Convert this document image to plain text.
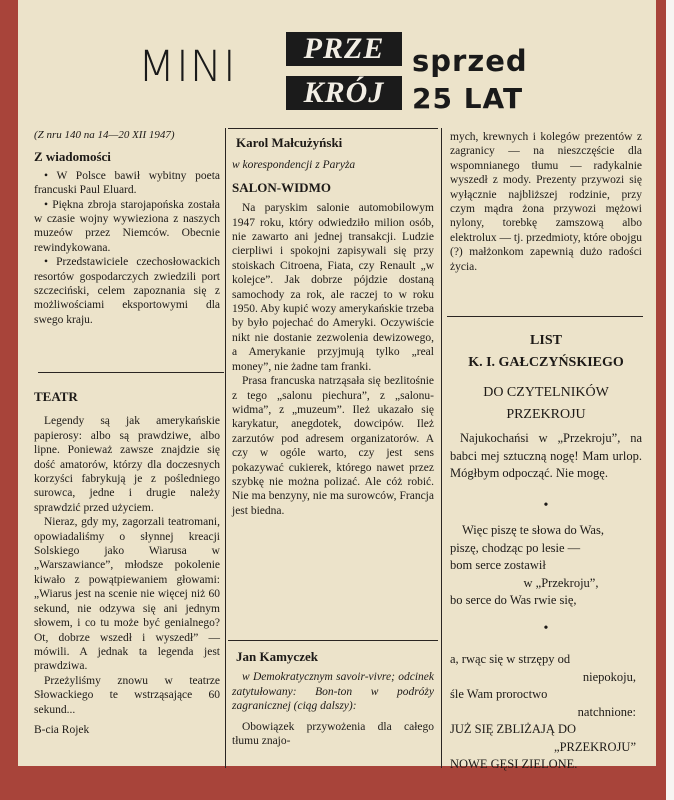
MINI	PRZE
KRÓJ
sprzed
25 LAT

(Z nru 140 na 14—20 XII 1947)

Z wiadomości

• W Polsce bawił wybitny poeta francuski Paul Eluard.

• Piękna zbroja starojapońska została w czasie wojny wywieziona z naszych muzeów przez Niemców. Obecnie rewindykowana.

• Przedstawiciele czechosłowackich resortów gospodarczych zwiedzili port szczeciński, celem zapoznania się z możliwościami eksportowymi dla swego kraju.

TEATR

Legendy są jak amerykańskie papierosy: albo są prawdziwe, albo lipne. Ponieważ zawsze znajdzie się dość amatorów, którzy dla doczesnych korzyści fabrykują je z pośledniego surowca, jedne i drugie należy sprawdzić przed użyciem.

Nieraz, gdy my, zagorzali teatromani, opowiadaliśmy o słynnej kreacji Solskiego jako Wiarusa w „Warszawiance”, młodsze pokolenie kiwało z powątpiewaniem głowami: „Wiarus jest na scenie nie więcej niż 60 sekund, nie odzywa się ani jednym słowem, i co tu może być genialnego? Ot, dobrze wszedł i wyszedł” — mówili. A jednak ta legenda jest prawdziwa.

Przeżyliśmy znowu w teatrze Słowackiego te wstrząsające 60 sekund...

B-cia Rojek

Karol Małcużyński

w korespondencji z Paryża

SALON-WIDMO

Na paryskim salonie automobilowym 1947 roku, który odwiedziło milion osób, nie zawarto ani jednej transakcji. Ludzie cierpliwi i spokojni zapisywali się przy stoiskach Citroena, Fiata, czy Renault „w kolejce”. Jak dobrze pójdzie dostaną samochody za rok, ale raczej to w roku 1950. Aby kupić wozy amerykańskie trzeba by było pojechać do Ameryki. Oczywiście nikt nie dostanie zezwolenia dewizowego, a Amerykanie przyjmują tylko „real money”, nie żadne tam franki.

Prasa francuska natrząsała się bezlitośnie z tego „salonu piechura”, z „salonu-widma”, z „muzeum”. Ileż ukazało się karykatur, anegdotek, dowcipów. Ileż zarzutów pod adresem organizatorów. A czy w ogóle warto, czy jest sens pokazywać cukierek, którego nawet przez szybkę nie można polizać. Ale cóż robić. Nie ma benzyny, nie ma surowców, Francja jest biedna.

Jan Kamyczek

w Demokratycznym savoir-vivre; odcinek zatytułowany: Bon-ton w podróży zagranicznej (ciąg dalszy):

Obowiązek przywożenia dla całego tłumu znajo-

mych, krewnych i kolegów prezentów z zagranicy — na nieszczęście dla wspomnianego tłumu — radykalnie wyszedł z mody. Prezenty przywozi się wyłącznie najbliższej rodzinie, przy czym mądra żona przywozi mężowi nylony, torebkę zamszową albo elektrolux — tj. przedmioty, które obojgu (?) małżonkom zapewnią dużo radości życia.

LIST

K. I. GAŁCZYŃSKIEGO

DO CZYTELNIKÓW

PRZEKROJU

Najukochańsi w „Przekroju”, na babci mej sztuczną nogę! Mam urlop. Mógłbym odpocząć. Nie mogę.

•

Więc piszę te słowa do Was,

piszę, chodząc po lesie —

bom serce zostawił

w „Przekroju”,

bo serce do Was rwie się,

•

a, rwąc się w strzępy od

niepokoju,

śle Wam proroctwo

natchnione:

JUŻ SIĘ ZBLIŻAJĄ DO

„PRZEKROJU”

NOWE GĘSI ZIELONE.
